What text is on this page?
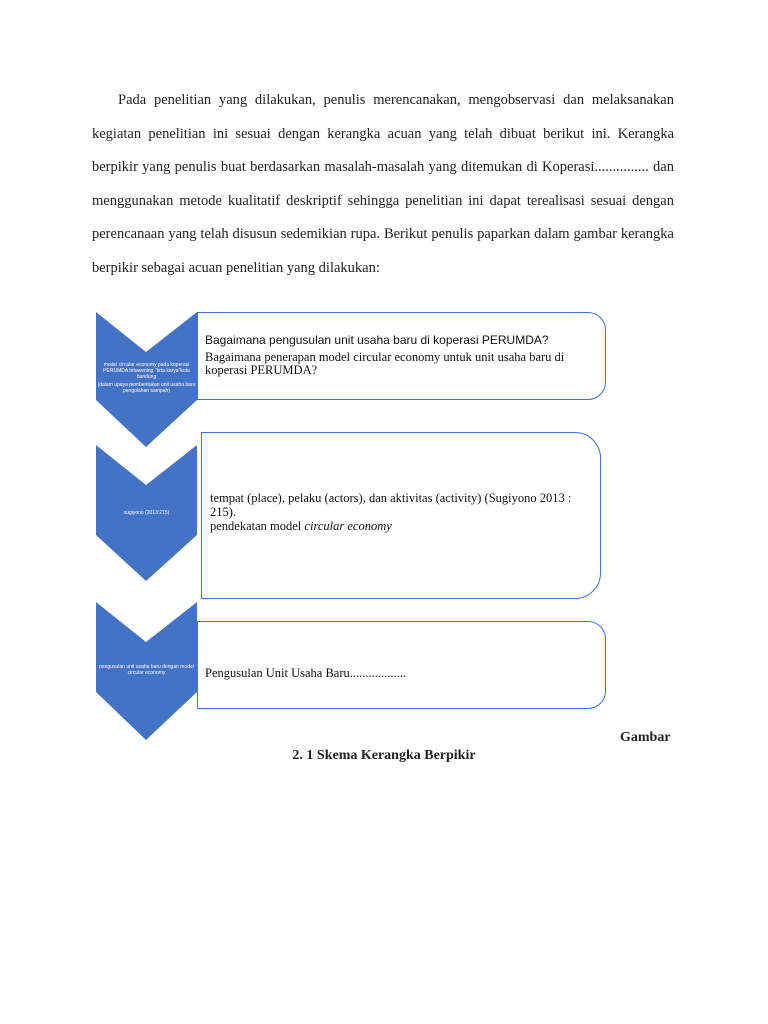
Pada penelitian yang dilakukan, penulis merencanakan, mengobservasi dan melaksanakan kegiatan penelitian ini sesuai dengan kerangka acuan yang telah dibuat berikut ini. Kerangka berpikir yang penulis buat berdasarkan masalah-masalah yang ditemukan di Koperasi............... dan menggunakan metode kualitatif deskriptif sehingga penelitian ini dapat terealisasi sesuai dengan perencanaan yang telah disusun sedemikian rupa. Berikut penulis paparkan dalam gambar kerangka berpikir sebagai acuan penelitian yang dilakukan:
model circular economy pada koperasi PERUMDA tirtawening "tirta karya"kota bandung
(dalam upaya pembentukan unit usaha baru pengolahan sampah)
sugiyono (2013:215)
pengusulan unit usaha baru dengan model circular economy
Bagaimana pengusulan unit usaha baru di koperasi PERUMDA?
Bagaimana penerapan model circular economy untuk unit usaha baru di koperasi PERUMDA?
tempat (place), pelaku (actors), dan aktivitas (activity) (Sugiyono 2013 : 215).
pendekatan model circular economy
Pengusulan Unit Usaha Baru..................
Gambar
2. 1 Skema Kerangka Berpikir
